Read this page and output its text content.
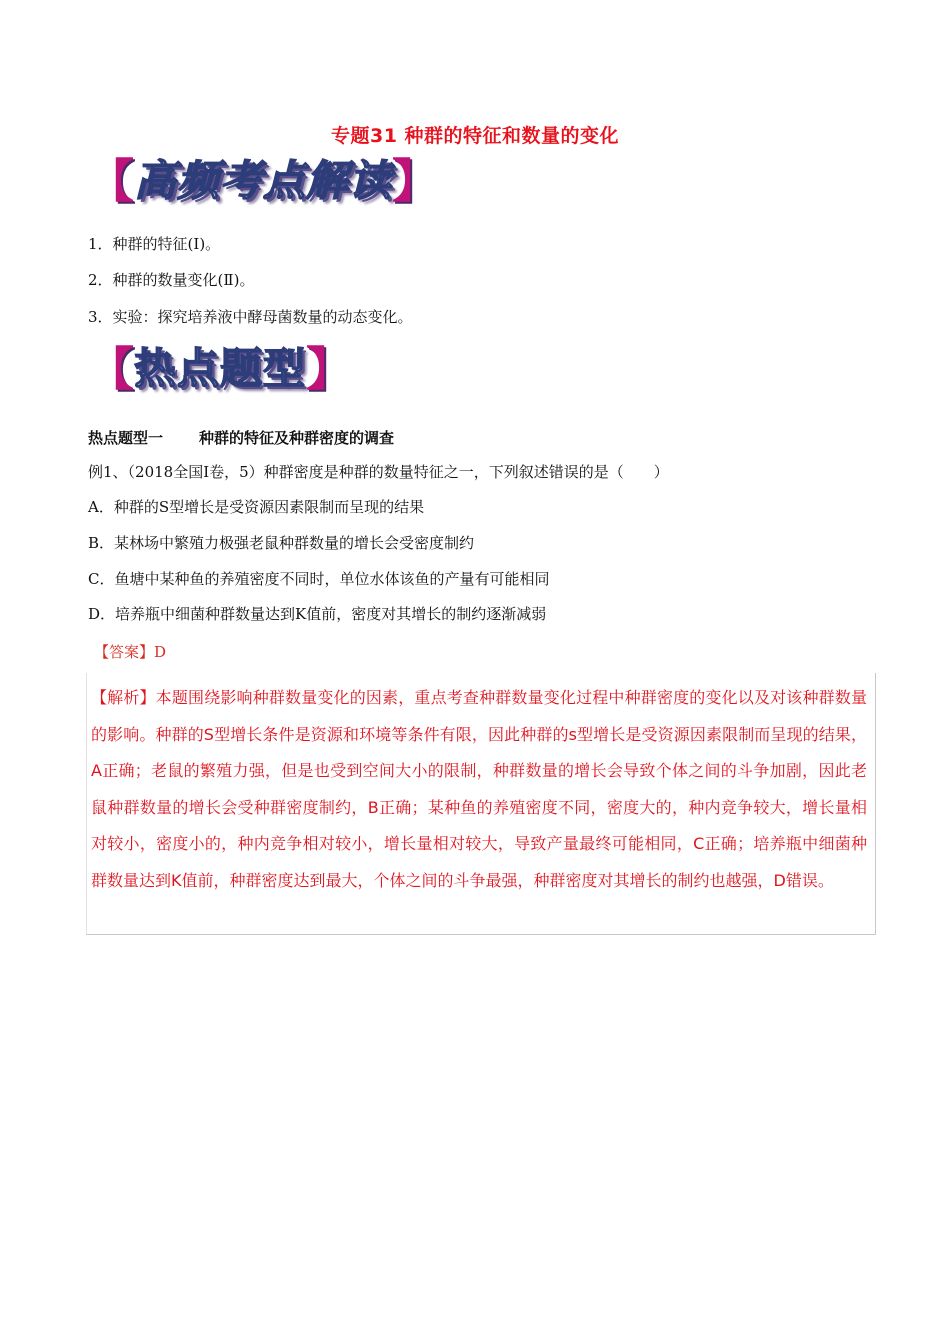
专题31 种群的特征和数量的变化
【 高频考点解读 】
1．种群的特征(Ⅰ)。
2．种群的数量变化(Ⅱ)。
3．实验：探究培养液中酵母菌数量的动态变化。
【 热点题型 】
热点题型一 种群的特征及种群密度的调查
例1、（2018全国Ⅰ卷，5）种群密度是种群的数量特征之一，下列叙述错误的是（　　）
A．种群的S型增长是受资源因素限制而呈现的结果
B．某林场中繁殖力极强老鼠种群数量的增长会受密度制约
C．鱼塘中某种鱼的养殖密度不同时，单位水体该鱼的产量有可能相同
D．培养瓶中细菌种群数量达到K值前，密度对其增长的制约逐渐减弱
【答案】D

【解析】本题围绕影响种群数量变化的因素，重点考查种群数量变化过程中种群密度的变化以及对该种群数量的影响。种群的S型增长条件是资源和环境等条件有限，因此种群的s型增长是受资源因素限制而呈现的结果，A正确；老鼠的繁殖力强，但是也受到空间大小的限制，种群数量的增长会导致个体之间的斗争加剧，因此老鼠种群数量的增长会受种群密度制约，B正确；某种鱼的养殖密度不同，密度大的，种内竞争较大，增长量相对较小，密度小的，种内竞争相对较小，增长量相对较大，导致产量最终可能相同，C正确；培养瓶中细菌种群数量达到K值前，种群密度达到最大，个体之间的斗争最强，种群密度对其增长的制约也越强，D错误。
